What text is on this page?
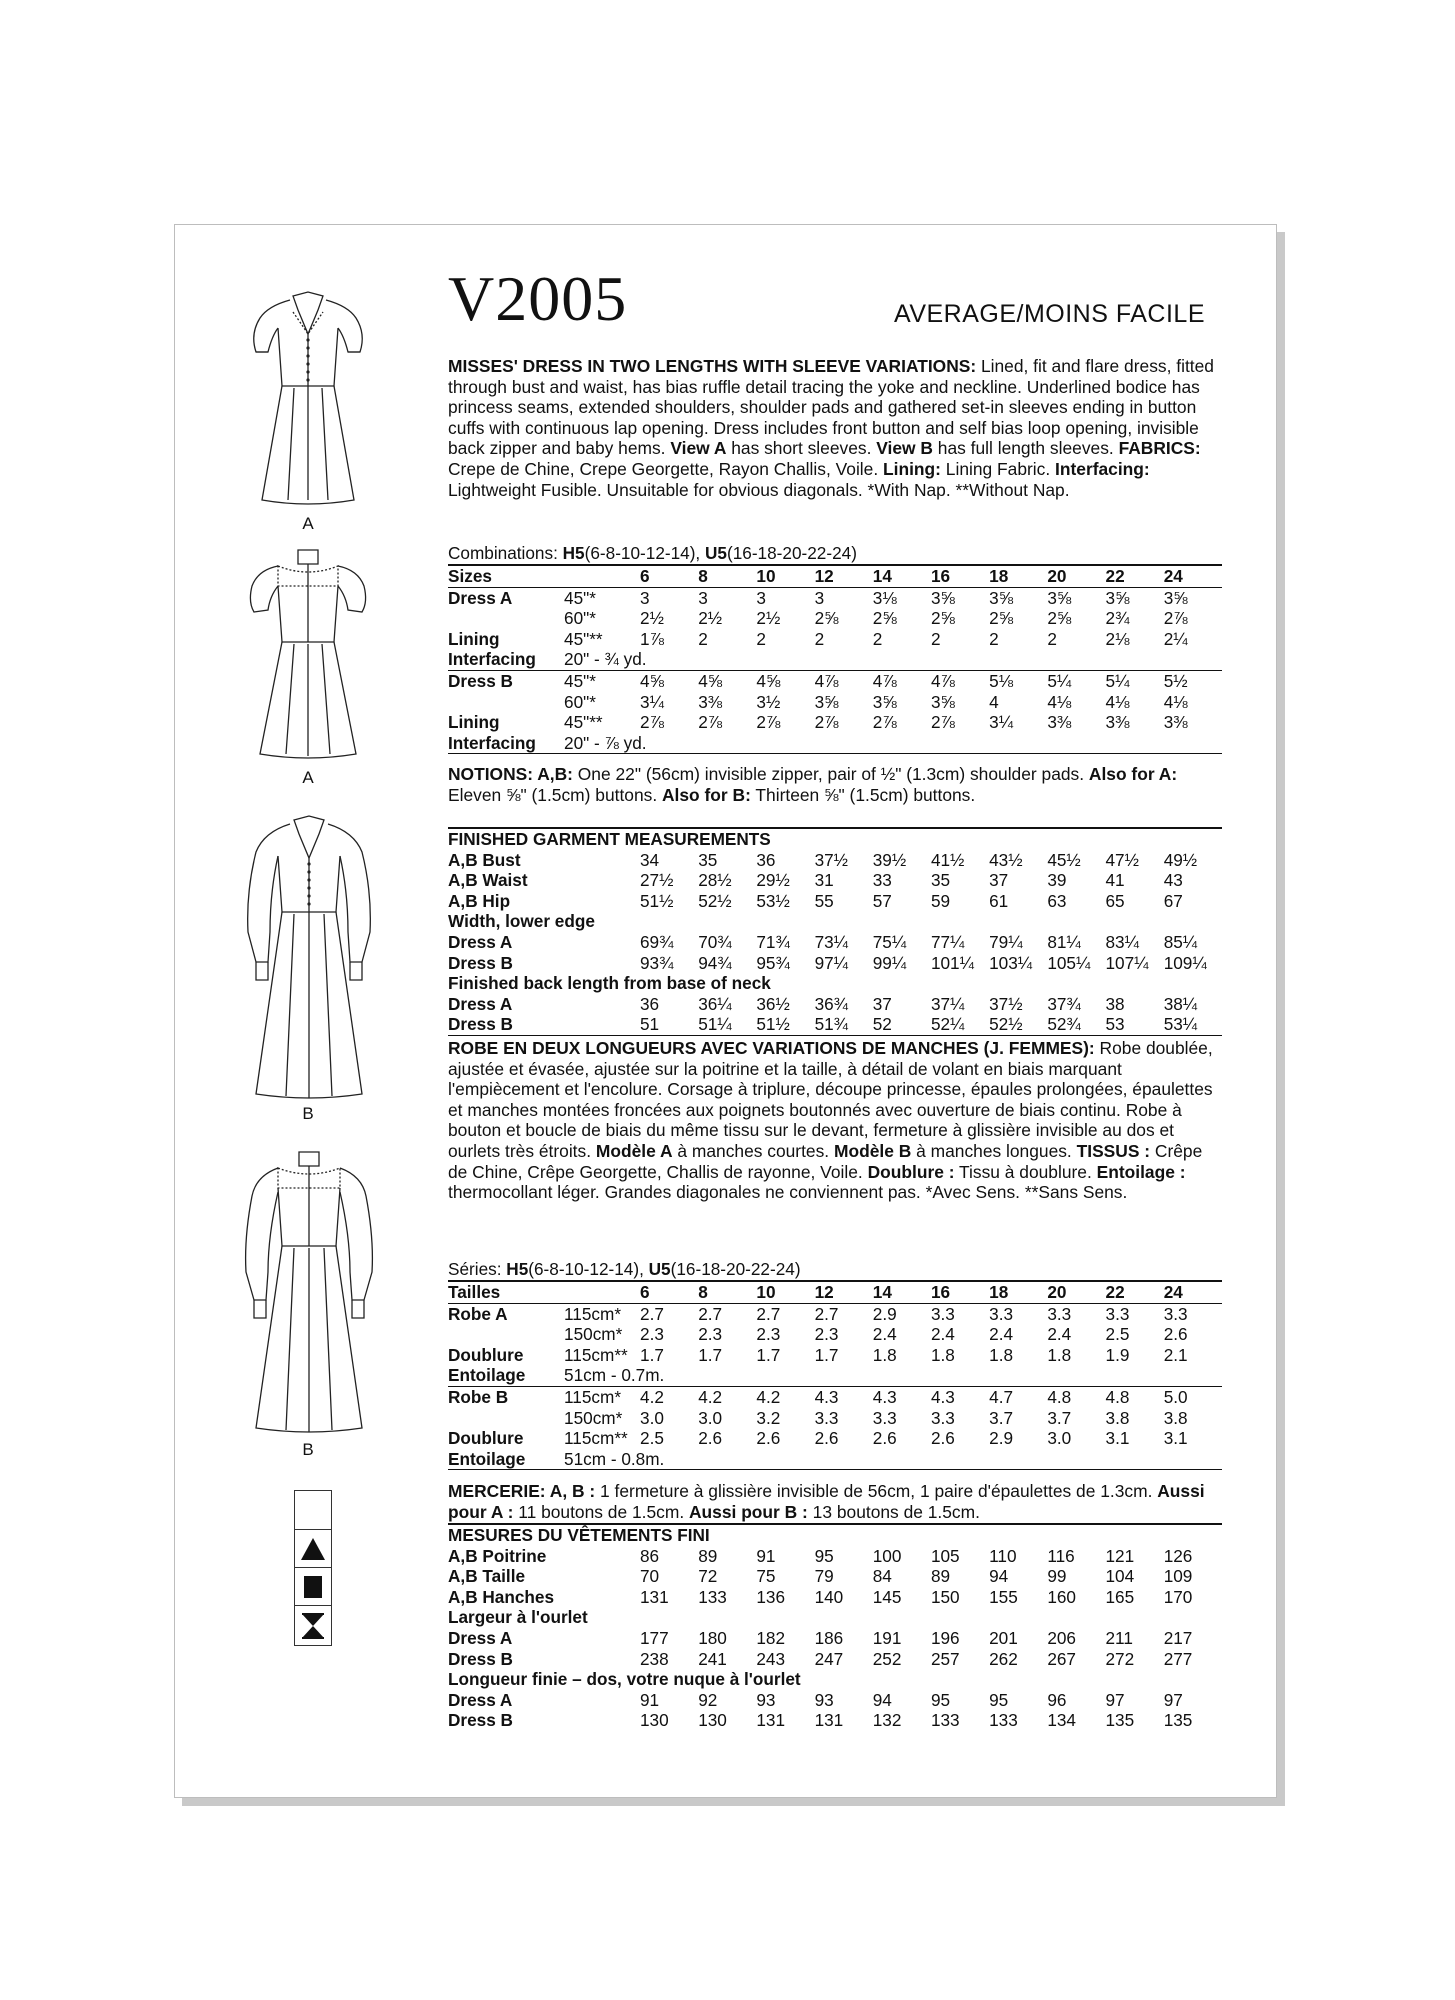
A
A
B
B
V2005	AVERAGE/MOINS FACILE
MISSES' DRESS IN TWO LENGTHS WITH SLEEVE VARIATIONS: Lined, fit and flare dress, fitted through bust and waist, has bias ruffle detail tracing the yoke and neckline. Underlined bodice has princess seams, extended shoulders, shoulder pads and gathered set-in sleeves ending in button cuffs with continuous lap opening. Dress includes front button and self bias loop opening, invisible back zipper and baby hems. View A has short sleeves. View B has full length sleeves. FABRICS: Crepe de Chine, Crepe Georgette, Rayon Challis, Voile. Lining: Lining Fabric. Interfacing: Lightweight Fusible. Unsuitable for obvious diagonals. *With Nap. **Without Nap.
Combinations: H5(6-8-10-12-14), U5(16-18-20-22-24)
Sizes		6	8	10	12	14	16	18	20	22	24
Dress A	45"*	3	3	3	3	3⅛	3⅝	3⅝	3⅝	3⅝	3⅝
	60"*	2½	2½	2½	2⅝	2⅝	2⅝	2⅝	2⅝	2¾	2⅞
Lining	45"**	1⅞	2	2	2	2	2	2	2	2⅛	2¼
Interfacing	20" - ¾ yd.										
Dress B	45"*	4⅝	4⅝	4⅝	4⅞	4⅞	4⅞	5⅛	5¼	5¼	5½
	60"*	3¼	3⅜	3½	3⅝	3⅝	3⅝	4	4⅛	4⅛	4⅛
Lining	45"**	2⅞	2⅞	2⅞	2⅞	2⅞	2⅞	3¼	3⅜	3⅜	3⅜
Interfacing	20" - ⅞ yd.										
NOTIONS: A,B: One 22" (56cm) invisible zipper, pair of ½" (1.3cm) shoulder pads. Also for A: Eleven ⅝" (1.5cm) buttons. Also for B: Thirteen ⅝" (1.5cm) buttons.
FINISHED GARMENT MEASUREMENTS										
A,B Bust	34	35	36	37½	39½	41½	43½	45½	47½	49½
A,B Waist	27½	28½	29½	31	33	35	37	39	41	43
A,B Hip	51½	52½	53½	55	57	59	61	63	65	67
Width, lower edge										
Dress A	69¾	70¾	71¾	73¼	75¼	77¼	79¼	81¼	83¼	85¼
Dress B	93¾	94¾	95¾	97¼	99¼	101¼	103¼	105¼	107¼	109¼
Finished back length from base of neck										
Dress A	36	36¼	36½	36¾	37	37¼	37½	37¾	38	38¼
Dress B	51	51¼	51½	51¾	52	52¼	52½	52¾	53	53¼
ROBE EN DEUX LONGUEURS AVEC VARIATIONS DE MANCHES (J. FEMMES): Robe doublée, ajustée et évasée, ajustée sur la poitrine et la taille, à détail de volant en biais marquant l'empiècement et l'encolure. Corsage à triplure, découpe princesse, épaules prolongées, épaulettes et manches montées froncées aux poignets boutonnés avec ouverture de biais continu. Robe à bouton et boucle de biais du même tissu sur le devant, fermeture à glissière invisible au dos et ourlets très étroits. Modèle A à manches courtes. Modèle B à manches longues. TISSUS : Crêpe de Chine, Crêpe Georgette, Challis de rayonne, Voile. Doublure : Tissu à doublure. Entoilage : thermocollant léger. Grandes diagonales ne conviennent pas. *Avec Sens. **Sans Sens.
Séries: H5(6-8-10-12-14), U5(16-18-20-22-24)
Tailles		6	8	10	12	14	16	18	20	22	24
Robe A	115cm*	2.7	2.7	2.7	2.7	2.9	3.3	3.3	3.3	3.3	3.3
	150cm*	2.3	2.3	2.3	2.3	2.4	2.4	2.4	2.4	2.5	2.6
Doublure	115cm**	1.7	1.7	1.7	1.7	1.8	1.8	1.8	1.8	1.9	2.1
Entoilage	51cm - 0.7m.										
Robe B	115cm*	4.2	4.2	4.2	4.3	4.3	4.3	4.7	4.8	4.8	5.0
	150cm*	3.0	3.0	3.2	3.3	3.3	3.3	3.7	3.7	3.8	3.8
Doublure	115cm**	2.5	2.6	2.6	2.6	2.6	2.6	2.9	3.0	3.1	3.1
Entoilage	51cm - 0.8m.										
MERCERIE: A, B : 1 fermeture à glissière invisible de 56cm, 1 paire d'épaulettes de 1.3cm. Aussi pour A : 11 boutons de 1.5cm. Aussi pour B : 13 boutons de 1.5cm.
MESURES DU VÊTEMENTS FINI										
A,B Poitrine	86	89	91	95	100	105	110	116	121	126
A,B Taille	70	72	75	79	84	89	94	99	104	109
A,B Hanches	131	133	136	140	145	150	155	160	165	170
Largeur à l'ourlet										
Dress A	177	180	182	186	191	196	201	206	211	217
Dress B	238	241	243	247	252	257	262	267	272	277
Longueur finie – dos, votre nuque à l'ourlet										
Dress A	91	92	93	93	94	95	95	96	97	97
Dress B	130	130	131	131	132	133	133	134	135	135
